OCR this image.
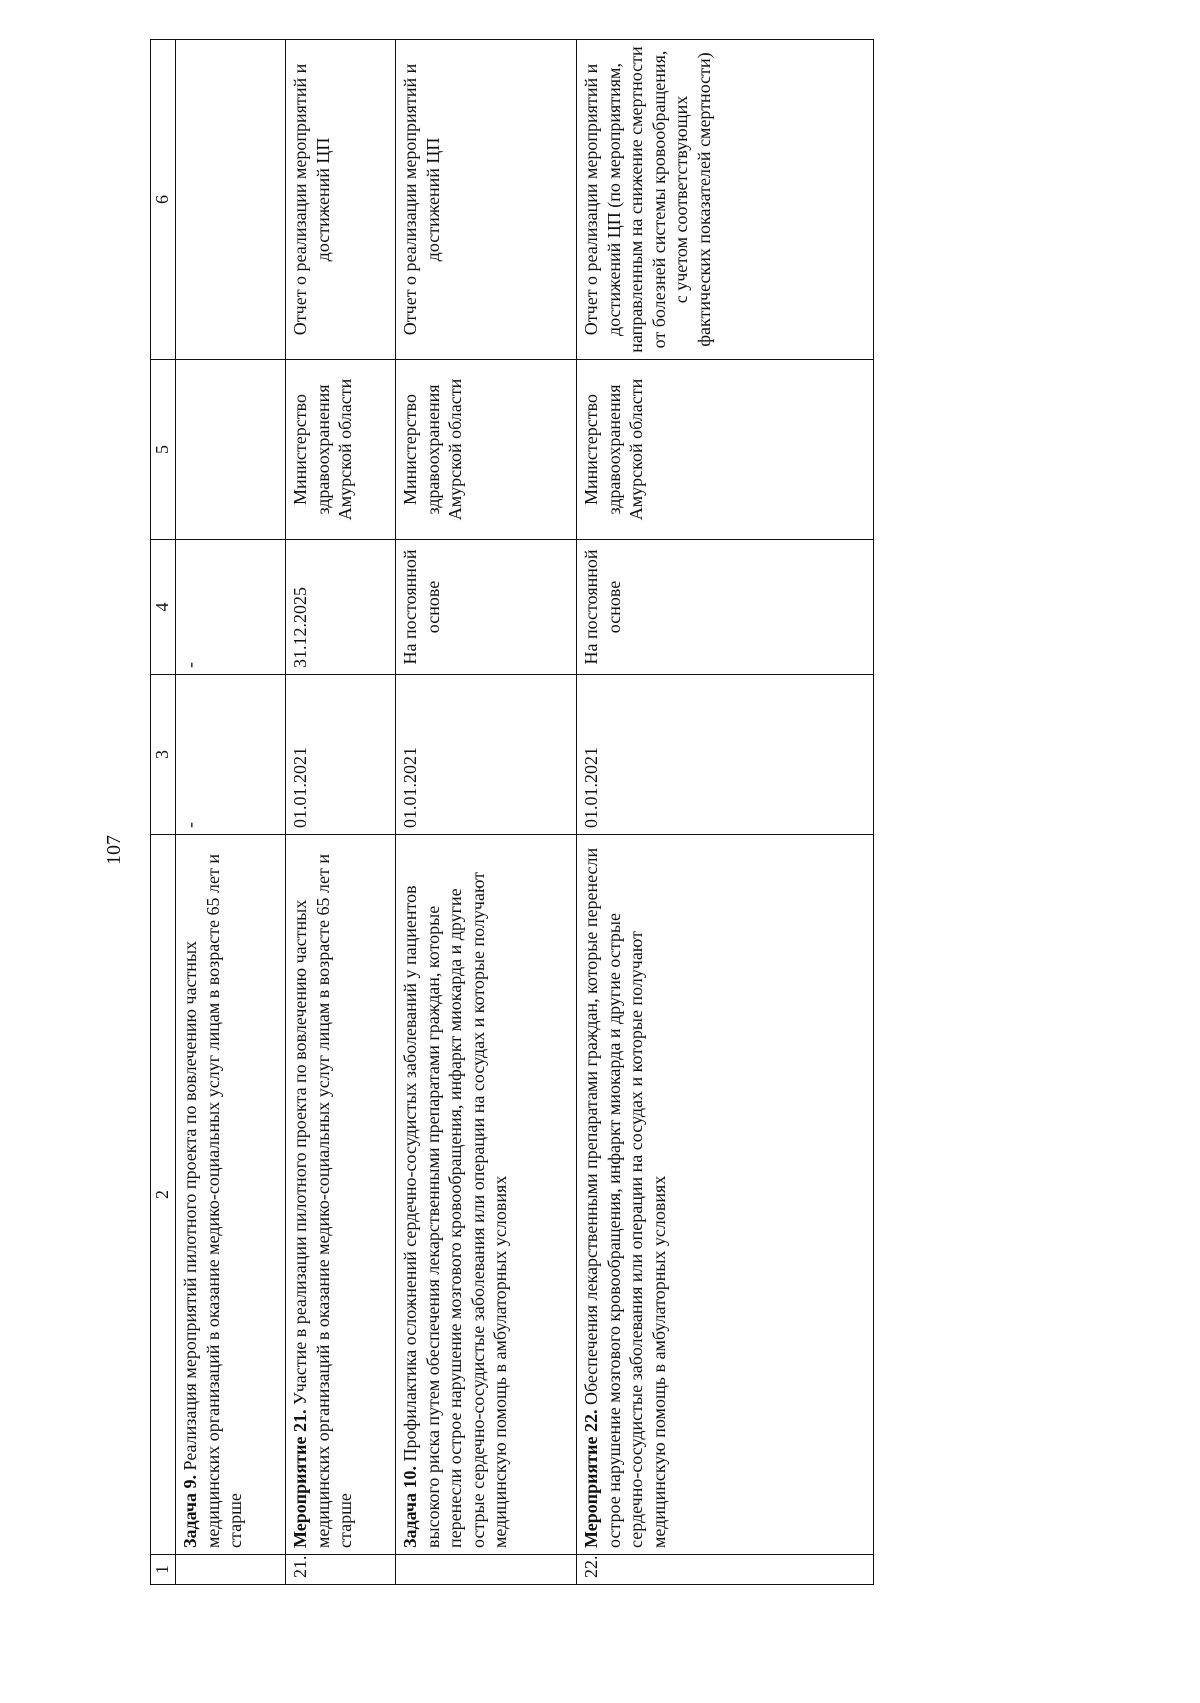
107
1	2	3	4	5	6
	Задача 9. Реализация мероприятий пилотного проекта по вовлечению частных медицинских организаций в оказание медико-социальных услуг лицам в возрасте 65 лет и старше	-	-		
21.	Мероприятие 21. Участие в реализации пилотного проекта по вовлечению частных медицинских организаций в оказание медико-социальных услуг лицам в возрасте 65 лет и старше	01.01.2021	31.12.2025	Министерство здравоохранения Амурской области	Отчет о реализации мероприятий и достижений ЦП
	Задача 10. Профилактика осложнений сердечно-сосудистых заболеваний у пациентов высокого риска путем обеспечения лекарственными препаратами граждан, которые перенесли острое нарушение мозгового кровообращения, инфаркт миокарда и другие острые сердечно-сосудистые заболевания или операции на сосудах и которые получают медицинскую помощь в амбулаторных условиях	01.01.2021	На постоянной основе	Министерство здравоохранения Амурской области	Отчет о реализации мероприятий и достижений ЦП
22.	Мероприятие 22. Обеспечения лекарственными препаратами граждан, которые перенесли острое нарушение мозгового кровообращения, инфаркт миокарда и другие острые сердечно-сосудистые заболевания или операции на сосудах и которые получают медицинскую помощь в амбулаторных условиях	01.01.2021	На постоянной основе	Министерство здравоохранения Амурской области	Отчет о реализации мероприятий и достижений ЦП (по мероприятиям, направленным на снижение смертности от болезней системы кровообращения, с учетом соответствующих фактических показателей смертности)
